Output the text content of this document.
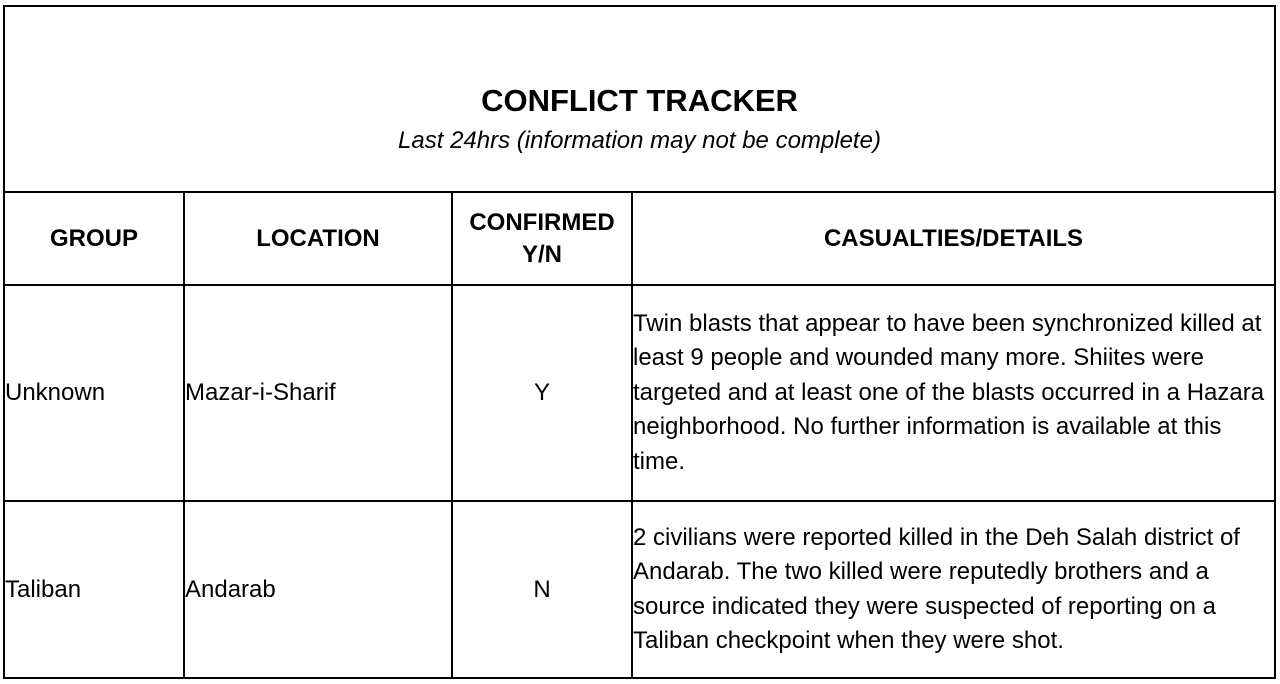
CONFLICT TRACKER
Last 24hrs (information may not be complete)
GROUP	LOCATION	CONFIRMED Y/N	CASUALTIES/DETAILS
Unknown	Mazar-i-Sharif	Y	Twin blasts that appear to have been synchronized killed at least 9 people and wounded many more. Shiites were targeted and at least one of the blasts occurred in a Hazara neighborhood. No further information is available at this time.
Taliban	Andarab	N	2 civilians were reported killed in the Deh Salah district of Andarab. The two killed were reputedly brothers and a source indicated they were suspected of reporting on a Taliban checkpoint when they were shot.
